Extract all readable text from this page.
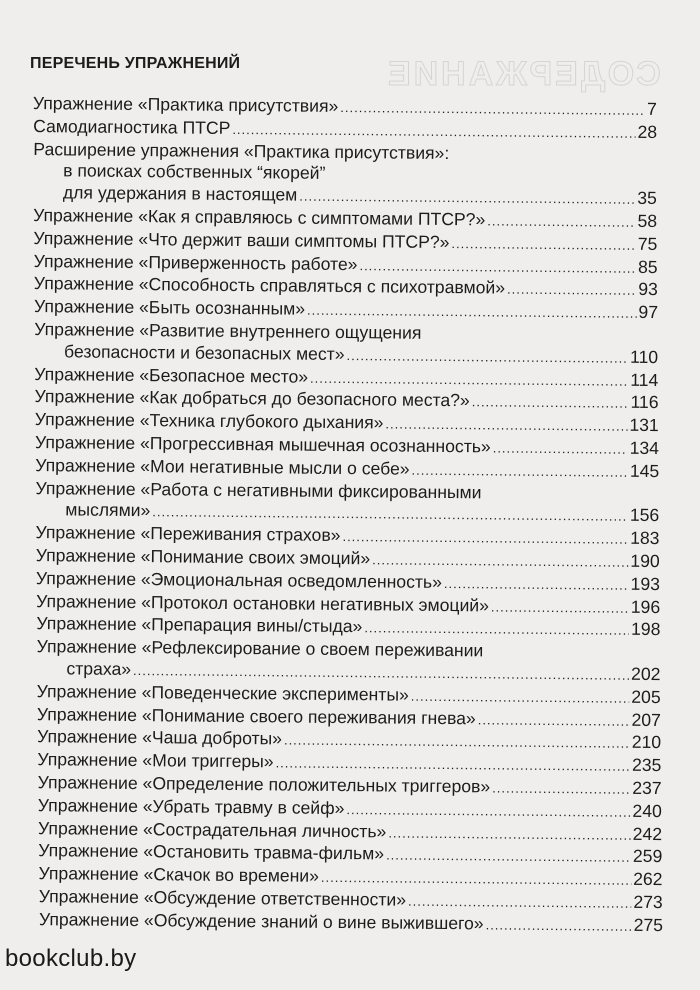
СОДЕРЖАНИЕ
ПЕРЕЧЕНЬ УПРАЖНЕНИЙ
Упражнение «Практика присутствия» .....	7
Самодиагностика ПТСР .....	28
Расширение упражнения «Практика присутствия»:
в поисках собственных “якорей”
для удержания в настоящем .....	35
Упражнение «Как я справляюсь с симптомами ПТСР?» .....	58
Упражнение «Что держит ваши симптомы ПТСР?» .....	75
Упражнение «Приверженность работе» .....	85
Упражнение «Способность справляться с психотравмой» .....	93
Упражнение «Быть осознанным» .....	97
Упражнение «Развитие внутреннего ощущения
безопасности и безопасных мест» .....	110
Упражнение «Безопасное место» .....	114
Упражнение «Как добраться до безопасного места?» .....	116
Упражнение «Техника глубокого дыхания» .....	131
Упражнение «Прогрессивная мышечная осознанность» .....	134
Упражнение «Мои негативные мысли о себе» .....	145
Упражнение «Работа с негативными фиксированными
мыслями» .....	156
Упражнение «Переживания страхов» .....	183
Упражнение «Понимание своих эмоций» .....	190
Упражнение «Эмоциональная осведомленность» .....	193
Упражнение «Протокол остановки негативных эмоций» .....	196
Упражнение «Препарация вины/стыда» .....	198
Упражнение «Рефлексирование о своем переживании
страха» .....	202
Упражнение «Поведенческие эксперименты» .....	205
Упражнение «Понимание своего переживания гнева» .....	207
Упражнение «Чаша доброты» .....	210
Упражнение «Мои триггеры» .....	235
Упражнение «Определение положительных триггеров» .....	237
Упражнение «Убрать травму в сейф» .....	240
Упражнение «Сострадательная личность» .....	242
Упражнение «Остановить травма-фильм» .....	259
Упражнение «Скачок во времени» .....	262
Упражнение «Обсуждение ответственности» .....	273
Упражнение «Обсуждение знаний о вине выжившего» .....	275
bookclub.by
